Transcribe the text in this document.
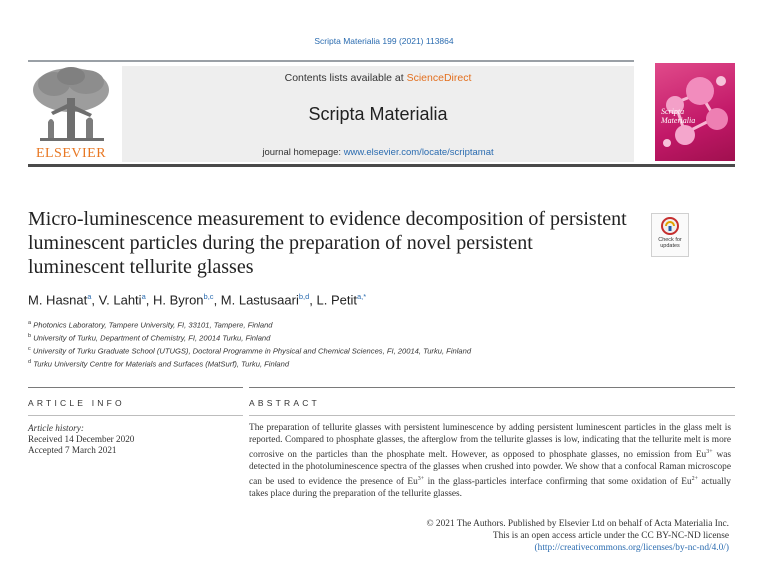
Scripta Materialia 199 (2021) 113864
ELSEVIER
Contents lists available at ScienceDirect
Scripta Materialia
journal homepage: www.elsevier.com/locate/scriptamat
Scripta Materialia
Micro-luminescence measurement to evidence decomposition of persistent luminescent particles during the preparation of novel persistent luminescent tellurite glasses
Check for
updates
M. Hasnat$^a$, V. Lahti$^a$, H. Byron$^{b,c}$, M. Lastusaari$^{b,d}$, L. Petit$^{a,*}$
$^a$ Photonics Laboratory, Tampere University, FI, 33101, Tampere, Finland
$^b$ University of Turku, Department of Chemistry, FI, 20014 Turku, Finland
$^c$ University of Turku Graduate School (UTUGS), Doctoral Programme in Physical and Chemical Sciences, FI, 20014, Turku, Finland
$^d$ Turku University Centre for Materials and Surfaces (MatSurf), Turku, Finland
ARTICLE INFO	ABSTRACT
Article history:
Received 14 December 2020
Accepted 7 March 2021
The preparation of tellurite glasses with persistent luminescence by adding persistent luminescent particles in the glass melt is reported. Compared to phosphate glasses, the afterglow from the tellurite glasses is low, indicating that the tellurite melt is more corrosive on the particles than the phosphate melt. However, as opposed to phosphate glasses, no emission from $Eu^{3+}$ was detected in the photoluminescence spectra of the glasses when crushed into powder. We show that a confocal Raman microscope can be used to evidence the presence of $Eu^{3+}$ in the glass-particles interface confirming that some oxidation of $Eu^{2+}$ actually takes place during the preparation of the tellurite glasses.
© 2021 The Authors. Published by Elsevier Ltd on behalf of Acta Materialia Inc.
This is an open access article under the CC BY-NC-ND license
(http://creativecommons.org/licenses/by-nc-nd/4.0/)
